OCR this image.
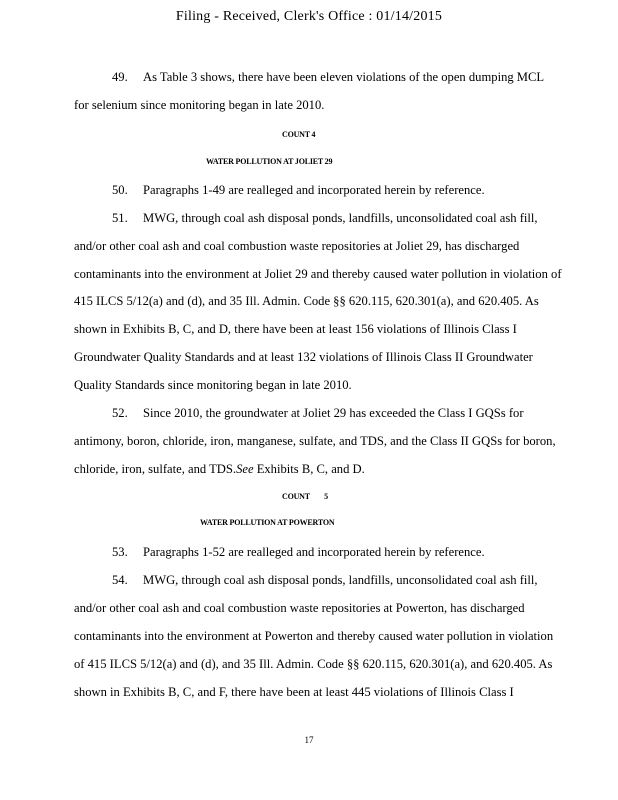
Filing - Received, Clerk's Office : 01/14/2015
49. As Table 3 shows, there have been eleven violations of the open dumping MCL
for selenium since monitoring began in late 2010.
COUNT 4
WATER POLLUTION AT JOLIET 29
50. Paragraphs 1-49 are realleged and incorporated herein by reference.
51. MWG, through coal ash disposal ponds, landfills, unconsolidated coal ash fill,
and/or other coal ash and coal combustion waste repositories at Joliet 29, has discharged
contaminants into the environment at Joliet 29 and thereby caused water pollution in violation of
415 ILCS 5/12(a) and (d), and 35 Ill. Admin. Code §§ 620.115, 620.301(a), and 620.405. As
shown in Exhibits B, C, and D, there have been at least 156 violations of Illinois Class I
Groundwater Quality Standards and at least 132 violations of Illinois Class II Groundwater
Quality Standards since monitoring began in late 2010.
52. Since 2010, the groundwater at Joliet 29 has exceeded the Class I GQSs for
antimony, boron, chloride, iron, manganese, sulfate, and TDS, and the Class II GQSs for boron,
chloride, iron, sulfate, and TDS.See Exhibits B, C, and D.
COUNT        5
WATER POLLUTION AT POWERTON
53. Paragraphs 1-52 are realleged and incorporated herein by reference.
54. MWG, through coal ash disposal ponds, landfills, unconsolidated coal ash fill,
and/or other coal ash and coal combustion waste repositories at Powerton, has discharged
contaminants into the environment at Powerton and thereby caused water pollution in violation
of 415 ILCS 5/12(a) and (d), and 35 Ill. Admin. Code §§ 620.115, 620.301(a), and 620.405. As
shown in Exhibits B, C, and F, there have been at least 445 violations of Illinois Class I
17
